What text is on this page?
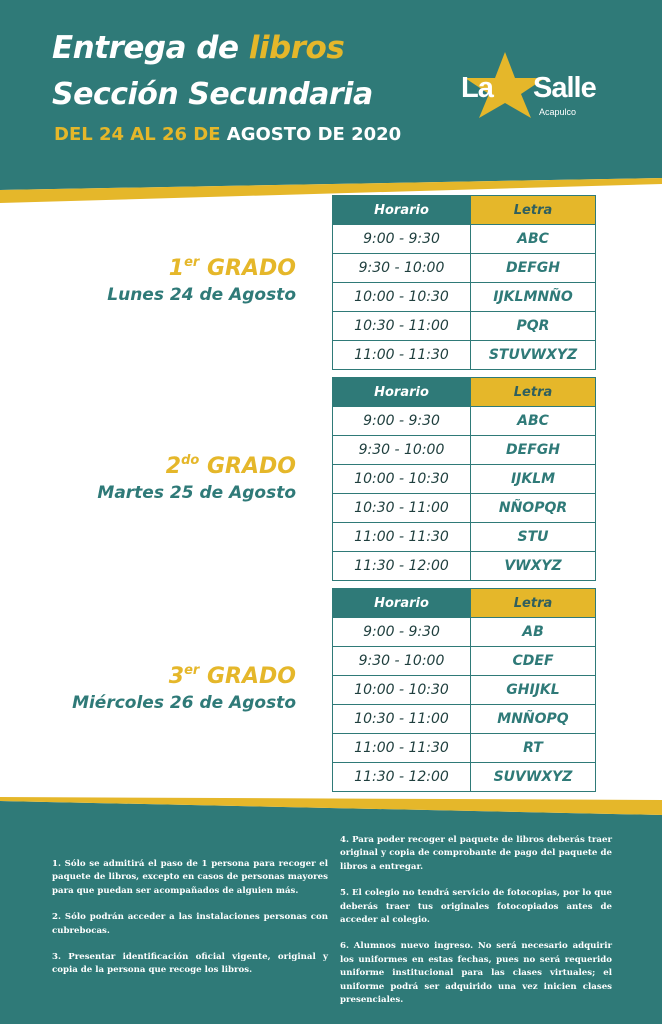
Entrega de libros
Sección Secundaria
DEL 24 AL 26 DE AGOSTO DE 2020
La Salle
Acapulco
1er GRADO
Lunes 24 de Agosto
Horario	Letra
9:00 - 9:30	ABC
9:30 - 10:00	DEFGH
10:00 - 10:30	IJKLMNÑO
10:30 - 11:00	PQR
11:00 - 11:30	STUVWXYZ
$2^{do}$ GRADO
Martes 25 de Agosto
Horario	Letra
9:00 - 9:30	ABC
9:30 - 10:00	DEFGH
10:00 - 10:30	IJKLM
10:30 - 11:00	NÑOPQR
11:00 - 11:30	STU
11:30 - 12:00	VWXYZ
3er GRADO
Miércoles 26 de Agosto
Horario	Letra
9:00 - 9:30	AB
9:30 - 10:00	CDEF
10:00 - 10:30	GHIJKL
10:30 - 11:00	MNÑOPQ
11:00 - 11:30	RT
11:30 - 12:00	SUVWXYZ

1. Sólo se admitirá el paso de 1 persona para recoger el paquete de libros, excepto en casos de personas mayores para que puedan ser acompañados de alguien más.

2. Sólo podrán acceder a las instalaciones personas con cubrebocas.

3. Presentar identificación oficial vigente, original y copia de la persona que recoge los libros.

4. Para poder recoger el paquete de libros deberás traer original y copia de comprobante de pago del paquete de libros a entregar.

5. El colegio no tendrá servicio de fotocopias, por lo que deberás traer tus originales fotocopiados antes de acceder al colegio.

6. Alumnos nuevo ingreso. No será necesario adquirir los uniformes en estas fechas, pues no será requerido uniforme institucional para las clases virtuales; el uniforme podrá ser adquirido una vez inicien clases presenciales.
